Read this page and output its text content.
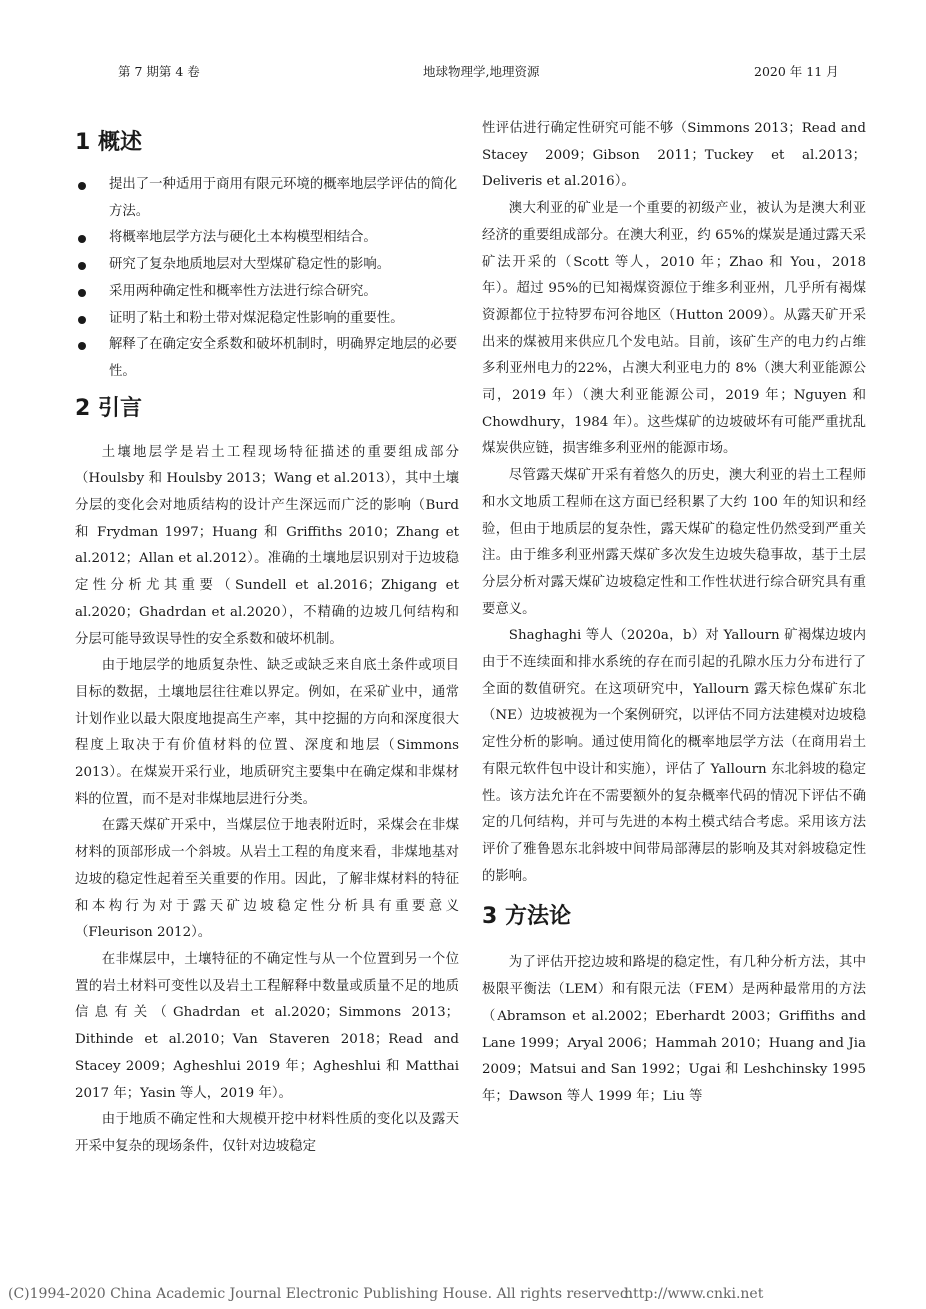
第 7 期第 4 卷	地球物理学,地理资源	2020 年 11 月
1 概述
提出了一种适用于商用有限元环境的概率地层学评估的简化方法。
将概率地层学方法与硬化土本构模型相结合。
研究了复杂地质地层对大型煤矿稳定性的影响。
采用两种确定性和概率性方法进行综合研究。
证明了粘土和粉土带对煤泥稳定性影响的重要性。
解释了在确定安全系数和破坏机制时，明确界定地层的必要性。
2 引言

土壤地层学是岩土工程现场特征描述的重要组成部分（Houlsby 和 Houlsby 2013；Wang et al.2013），其中土壤分层的变化会对地质结构的设计产生深远而广泛的影响（Burd 和 Frydman 1997；Huang 和 Griffiths 2010；Zhang et al.2012；Allan et al.2012）。准确的土壤地层识别对于边坡稳定性分析尤其重要（Sundell et al.2016；Zhigang et al.2020；Ghadrdan et al.2020），不精确的边坡几何结构和分层可能导致误导性的安全系数和破坏机制。

由于地层学的地质复杂性、缺乏或缺乏来自底土条件或项目目标的数据，土壤地层往往难以界定。例如，在采矿业中，通常计划作业以最大限度地提高生产率，其中挖掘的方向和深度很大程度上取决于有价值材料的位置、深度和地层（Simmons 2013）。在煤炭开采行业，地质研究主要集中在确定煤和非煤材料的位置，而不是对非煤地层进行分类。

在露天煤矿开采中，当煤层位于地表附近时，采煤会在非煤材料的顶部形成一个斜坡。从岩土工程的角度来看，非煤地基对边坡的稳定性起着至关重要的作用。因此，了解非煤材料的特征和本构行为对于露天矿边坡稳定性分析具有重要意义（Fleurison 2012）。

在非煤层中，土壤特征的不确定性与从一个位置到另一个位置的岩土材料可变性以及岩土工程解释中数量或质量不足的地质信息有关（Ghadrdan et al.2020；Simmons 2013；Dithinde et al.2010；Van Staveren 2018；Read and Stacey 2009；Agheshlui 2019 年；Agheshlui 和 Matthai 2017 年；Yasin 等人，2019 年）。

由于地质不确定性和大规模开挖中材料性质的变化以及露天开采中复杂的现场条件，仅针对边坡稳定

性评估进行确定性研究可能不够（Simmons 2013；Read and Stacey 2009；Gibson 2011；Tuckey et al.2013；Deliveris et al.2016）。

澳大利亚的矿业是一个重要的初级产业，被认为是澳大利亚经济的重要组成部分。在澳大利亚，约 65%的煤炭是通过露天采矿法开采的（Scott 等人，2010 年；Zhao 和 You，2018 年）。超过 95%的已知褐煤资源位于维多利亚州，几乎所有褐煤资源都位于拉特罗布河谷地区（Hutton 2009）。从露天矿开采出来的煤被用来供应几个发电站。目前，该矿生产的电力约占维多利亚州电力的22%，占澳大利亚电力的 8%（澳大利亚能源公司，2019 年）（澳大利亚能源公司，2019 年；Nguyen 和 Chowdhury，1984 年）。这些煤矿的边坡破坏有可能严重扰乱煤炭供应链，损害维多利亚州的能源市场。

尽管露天煤矿开采有着悠久的历史，澳大利亚的岩土工程师和水文地质工程师在这方面已经积累了大约 100 年的知识和经验，但由于地质层的复杂性，露天煤矿的稳定性仍然受到严重关注。由于维多利亚州露天煤矿多次发生边坡失稳事故，基于土层分层分析对露天煤矿边坡稳定性和工作性状进行综合研究具有重要意义。

Shaghaghi 等人（2020a，b）对 Yallourn 矿褐煤边坡内由于不连续面和排水系统的存在而引起的孔隙水压力分布进行了全面的数值研究。在这项研究中，Yallourn 露天棕色煤矿东北（NE）边坡被视为一个案例研究，以评估不同方法建模对边坡稳定性分析的影响。通过使用简化的概率地层学方法（在商用岩土有限元软件包中设计和实施），评估了 Yallourn 东北斜坡的稳定性。该方法允许在不需要额外的复杂概率代码的情况下评估不确定的几何结构，并可与先进的本构土模式结合考虑。采用该方法评价了雅鲁恩东北斜坡中间带局部薄层的影响及其对斜坡稳定性的影响。

3 方法论

为了评估开挖边坡和路堤的稳定性，有几种分析方法，其中极限平衡法（LEM）和有限元法（FEM）是两种最常用的方法（Abramson et al.2002；Eberhardt 2003；Griffiths and Lane 1999；Aryal 2006；Hammah 2010；Huang and Jia 2009；Matsui and San 1992；Ugai 和 Leshchinsky 1995 年；Dawson 等人 1999 年；Liu 等

(C)1994-2020 China Academic Journal Electronic Publishing House. All rights reserved.
http://www.cnki.net
